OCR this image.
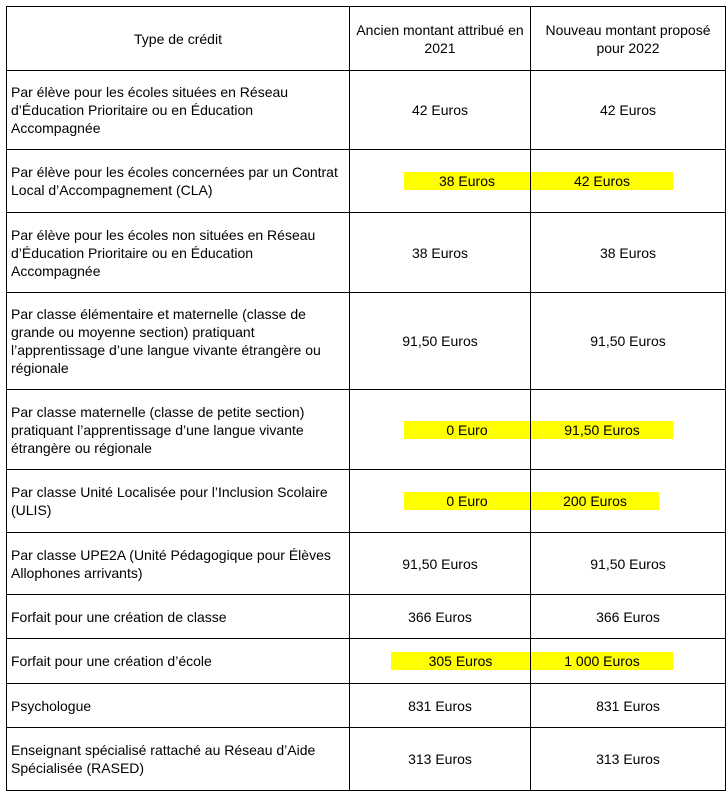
Type de crédit	Ancien montant attribué en 2021	Nouveau montant proposé pour 2022
Par élève pour les écoles situées en Réseau d’Éducation Prioritaire ou en Éducation Accompagnée	42 Euros	42 Euros
Par élève pour les écoles concernées par un Contrat Local d’Accompagnement (CLA)	38 Euros	42 Euros
Par élève pour les écoles non situées en Réseau d’Éducation Prioritaire ou en Éducation Accompagnée	38 Euros	38 Euros
Par classe élémentaire et maternelle (classe de grande ou moyenne section) pratiquant l’apprentissage d’une langue vivante étrangère ou régionale	91,50 Euros	91,50 Euros
Par classe maternelle (classe de petite section) pratiquant l’apprentissage d’une langue vivante étrangère ou régionale	0 Euro	91,50 Euros
Par classe Unité Localisée pour l’Inclusion Scolaire (ULIS)	0 Euro	200 Euros
Par classe UPE2A (Unité Pédagogique pour Élèves Allophones arrivants)	91,50 Euros	91,50 Euros
Forfait pour une création de classe	366 Euros	366 Euros
Forfait pour une création d’école	305 Euros	1 000 Euros
Psychologue	831 Euros	831 Euros
Enseignant spécialisé rattaché au Réseau d’Aide Spécialisée (RASED)	313 Euros	313 Euros
